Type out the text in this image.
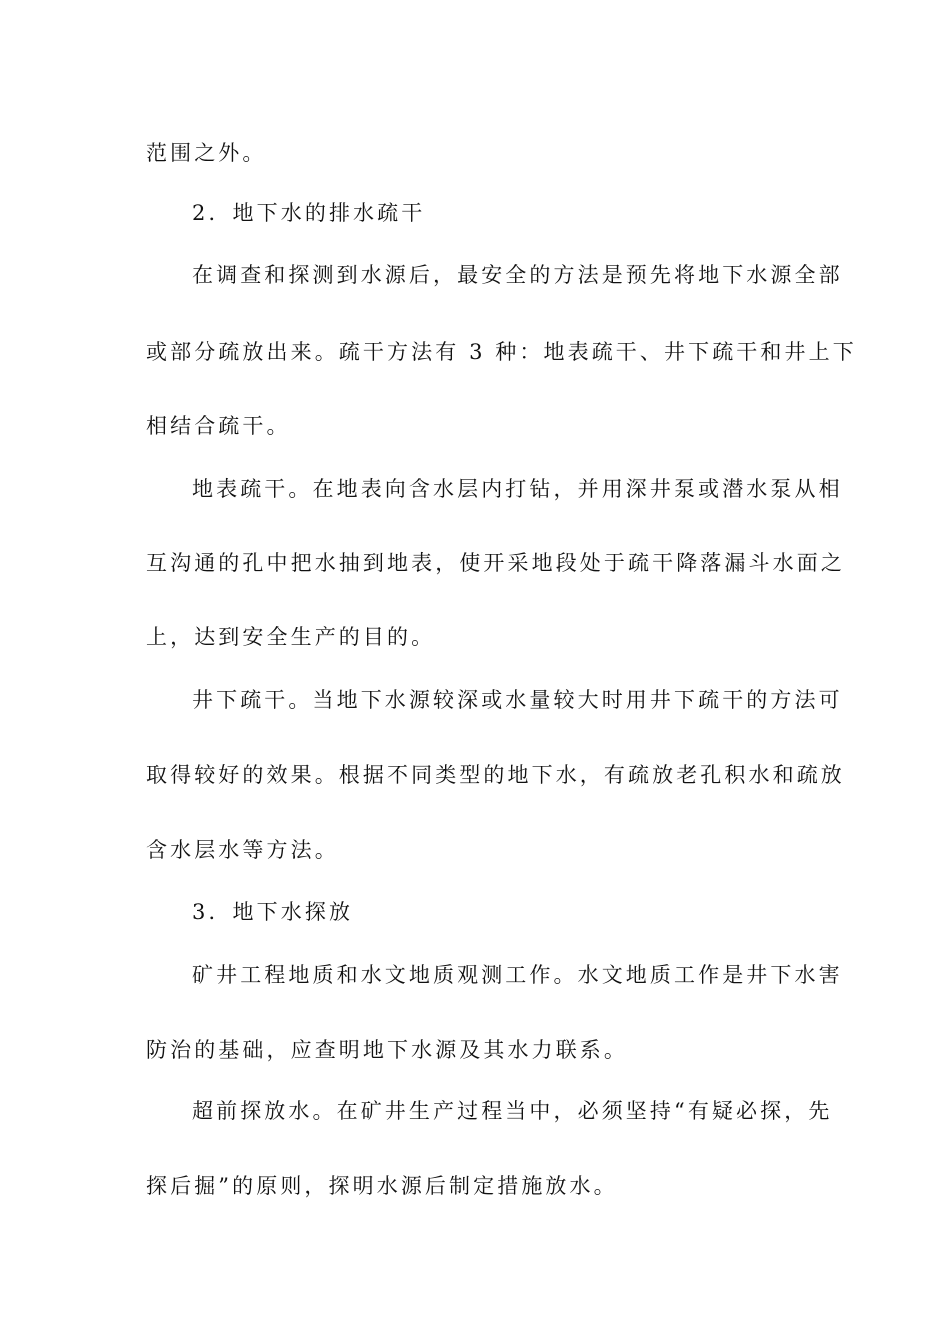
范围之外。
2．地下水的排水疏干
在调查和探测到水源后，最安全的方法是预先将地下水源全部
或部分疏放出来。疏干方法有 3 种：地表疏干、井下疏干和井上下
相结合疏干。
地表疏干。在地表向含水层内打钻，并用深井泵或潜水泵从相
互沟通的孔中把水抽到地表，使开采地段处于疏干降落漏斗水面之
上，达到安全生产的目的。
井下疏干。当地下水源较深或水量较大时用井下疏干的方法可
取得较好的效果。根据不同类型的地下水，有疏放老孔积水和疏放
含水层水等方法。
3．地下水探放
矿井工程地质和水文地质观测工作。水文地质工作是井下水害
防治的基础，应查明地下水源及其水力联系。
超前探放水。在矿井生产过程当中，必须坚持“有疑必探，先
探后掘”的原则，探明水源后制定措施放水。
